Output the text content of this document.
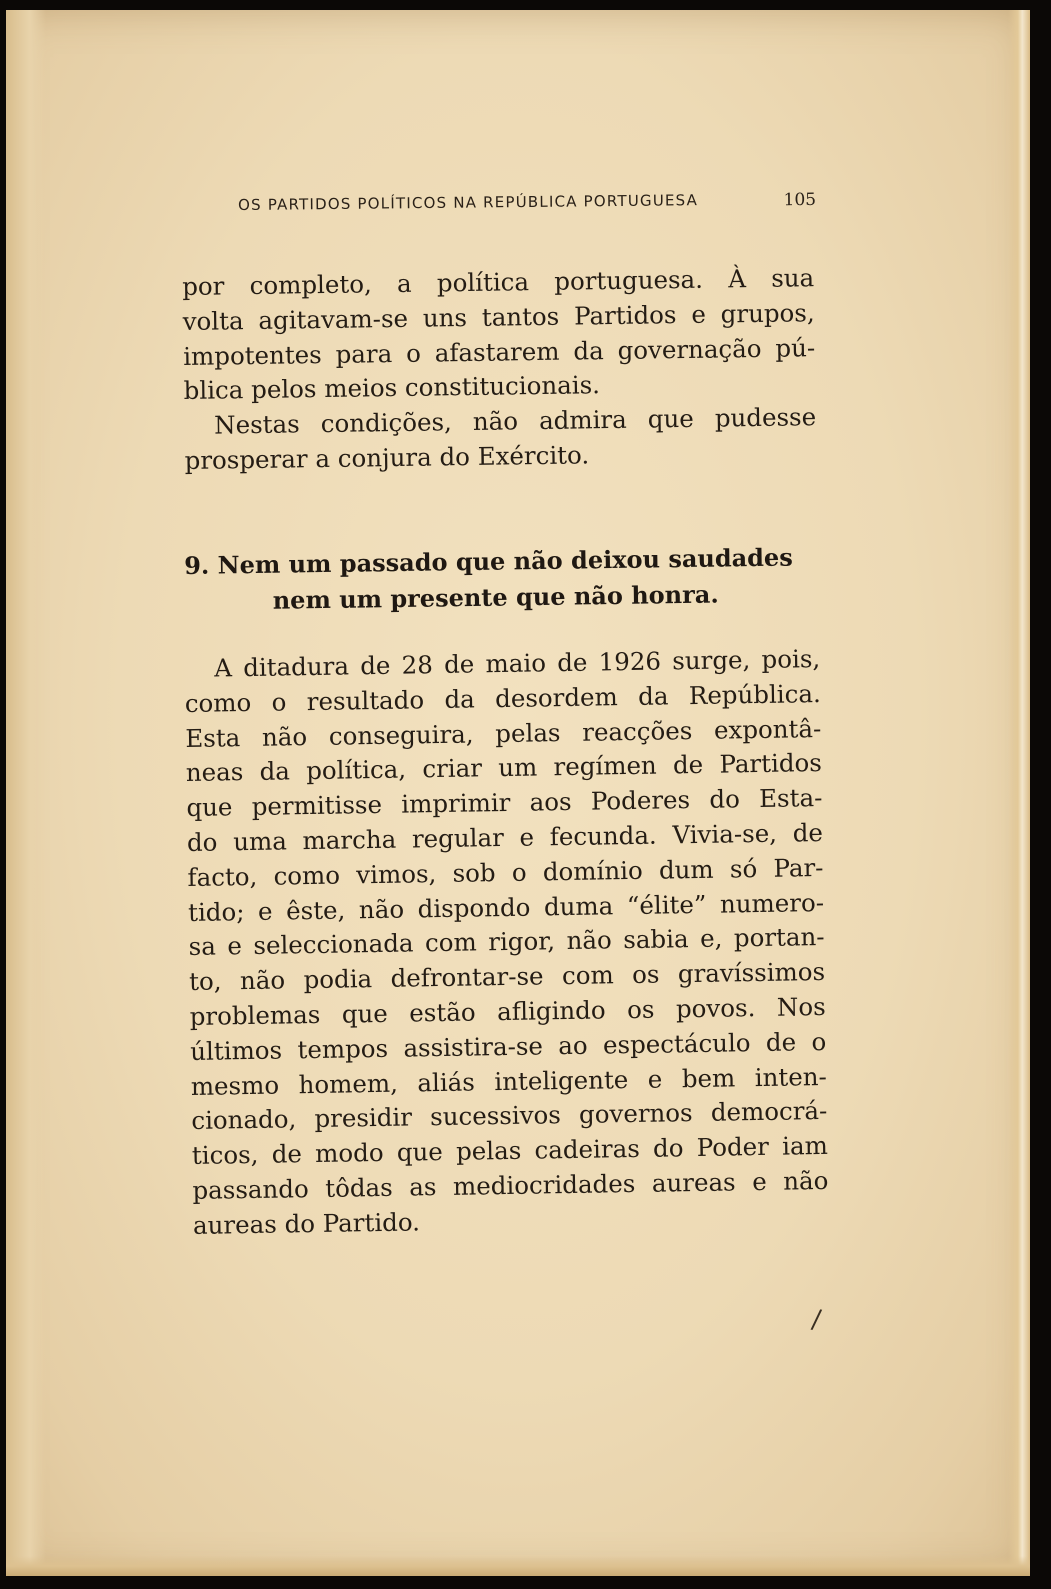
OS PARTIDOS POLÍTICOS NA REPÚBLICA PORTUGUESA	105
por completo, a política portuguesa. À sua
volta agitavam-se uns tantos Partidos e grupos,
impotentes para o afastarem da governação pú-
blica pelos meios constitucionais.
Nestas condições, não admira que pudesse
prosperar a conjura do Exército.
9. Nem um passado que não deixou saudades
nem um presente que não honra.
A ditadura de 28 de maio de 1926 surge, pois,
como o resultado da desordem da República.
Esta não conseguira, pelas reacções expontâ-
neas da política, criar um regímen de Partidos
que permitisse imprimir aos Poderes do Esta-
do uma marcha regular e fecunda. Vivia-se, de
facto, como vimos, sob o domínio dum só Par-
tido; e êste, não dispondo duma “élite” numero-
sa e seleccionada com rigor, não sabia e, portan-
to, não podia defrontar-se com os gravíssimos
problemas que estão afligindo os povos. Nos
últimos tempos assistira-se ao espectáculo de o
mesmo homem, aliás inteligente e bem inten-
cionado, presidir sucessivos governos democrá-
ticos, de modo que pelas cadeiras do Poder iam
passando tôdas as mediocridades aureas e não
aureas do Partido.
/
